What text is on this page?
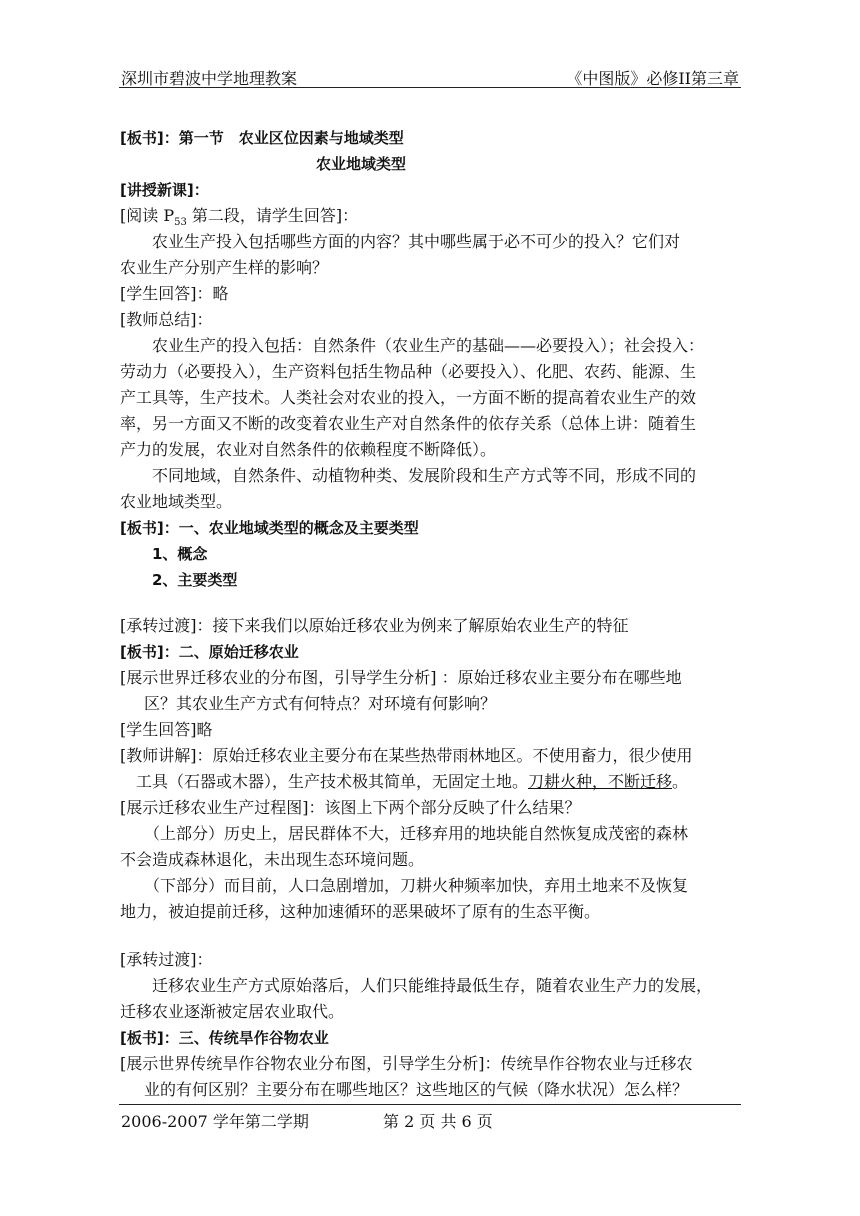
深圳市碧波中学地理教案	《中图版》必修II第三章
[板书]：第一节　农业区位因素与地域类型
农业地域类型
[讲授新课]：
[阅读 $P_{53}$ 第二段，请学生回答]：
农业生产投入包括哪些方面的内容？其中哪些属于必不可少的投入？它们对
农业生产分别产生样的影响？
[学生回答]：略
[教师总结]：
农业生产的投入包括：自然条件（农业生产的基础——必要投入）；社会投入：
劳动力（必要投入），生产资料包括生物品种（必要投入）、化肥、农药、能源、生
产工具等，生产技术。人类社会对农业的投入，一方面不断的提高着农业生产的效
率，另一方面又不断的改变着农业生产对自然条件的依存关系（总体上讲：随着生
产力的发展，农业对自然条件的依赖程度不断降低）。
不同地域，自然条件、动植物种类、发展阶段和生产方式等不同，形成不同的
农业地域类型。
[板书]：一、农业地域类型的概念及主要类型
1、概念
2、主要类型
[承转过渡]：接下来我们以原始迁移农业为例来了解原始农业生产的特征
[板书]：二、原始迁移农业
[展示世界迁移农业的分布图，引导学生分析] ：原始迁移农业主要分布在哪些地
区？其农业生产方式有何特点？对环境有何影响？
[学生回答]略
[教师讲解]：原始迁移农业主要分布在某些热带雨林地区。不使用畜力，很少使用
工具（石器或木器），生产技术极其简单，无固定土地。刀耕火种，不断迁移。
[展示迁移农业生产过程图]：该图上下两个部分反映了什么结果？
（上部分）历史上，居民群体不大，迁移弃用的地块能自然恢复成茂密的森林
不会造成森林退化，未出现生态环境问题。
（下部分）而目前，人口急剧增加，刀耕火种频率加快，弃用土地来不及恢复
地力，被迫提前迁移，这种加速循环的恶果破坏了原有的生态平衡。
[承转过渡]：
迁移农业生产方式原始落后，人们只能维持最低生存，随着农业生产力的发展，
迁移农业逐渐被定居农业取代。
[板书]：三、传统旱作谷物农业
[展示世界传统旱作谷物农业分布图，引导学生分析]：传统旱作谷物农业与迁移农
业的有何区别？主要分布在哪些地区？这些地区的气候（降水状况）怎么样？
2006-2007 学年第二学期	第 2 页 共 6 页
